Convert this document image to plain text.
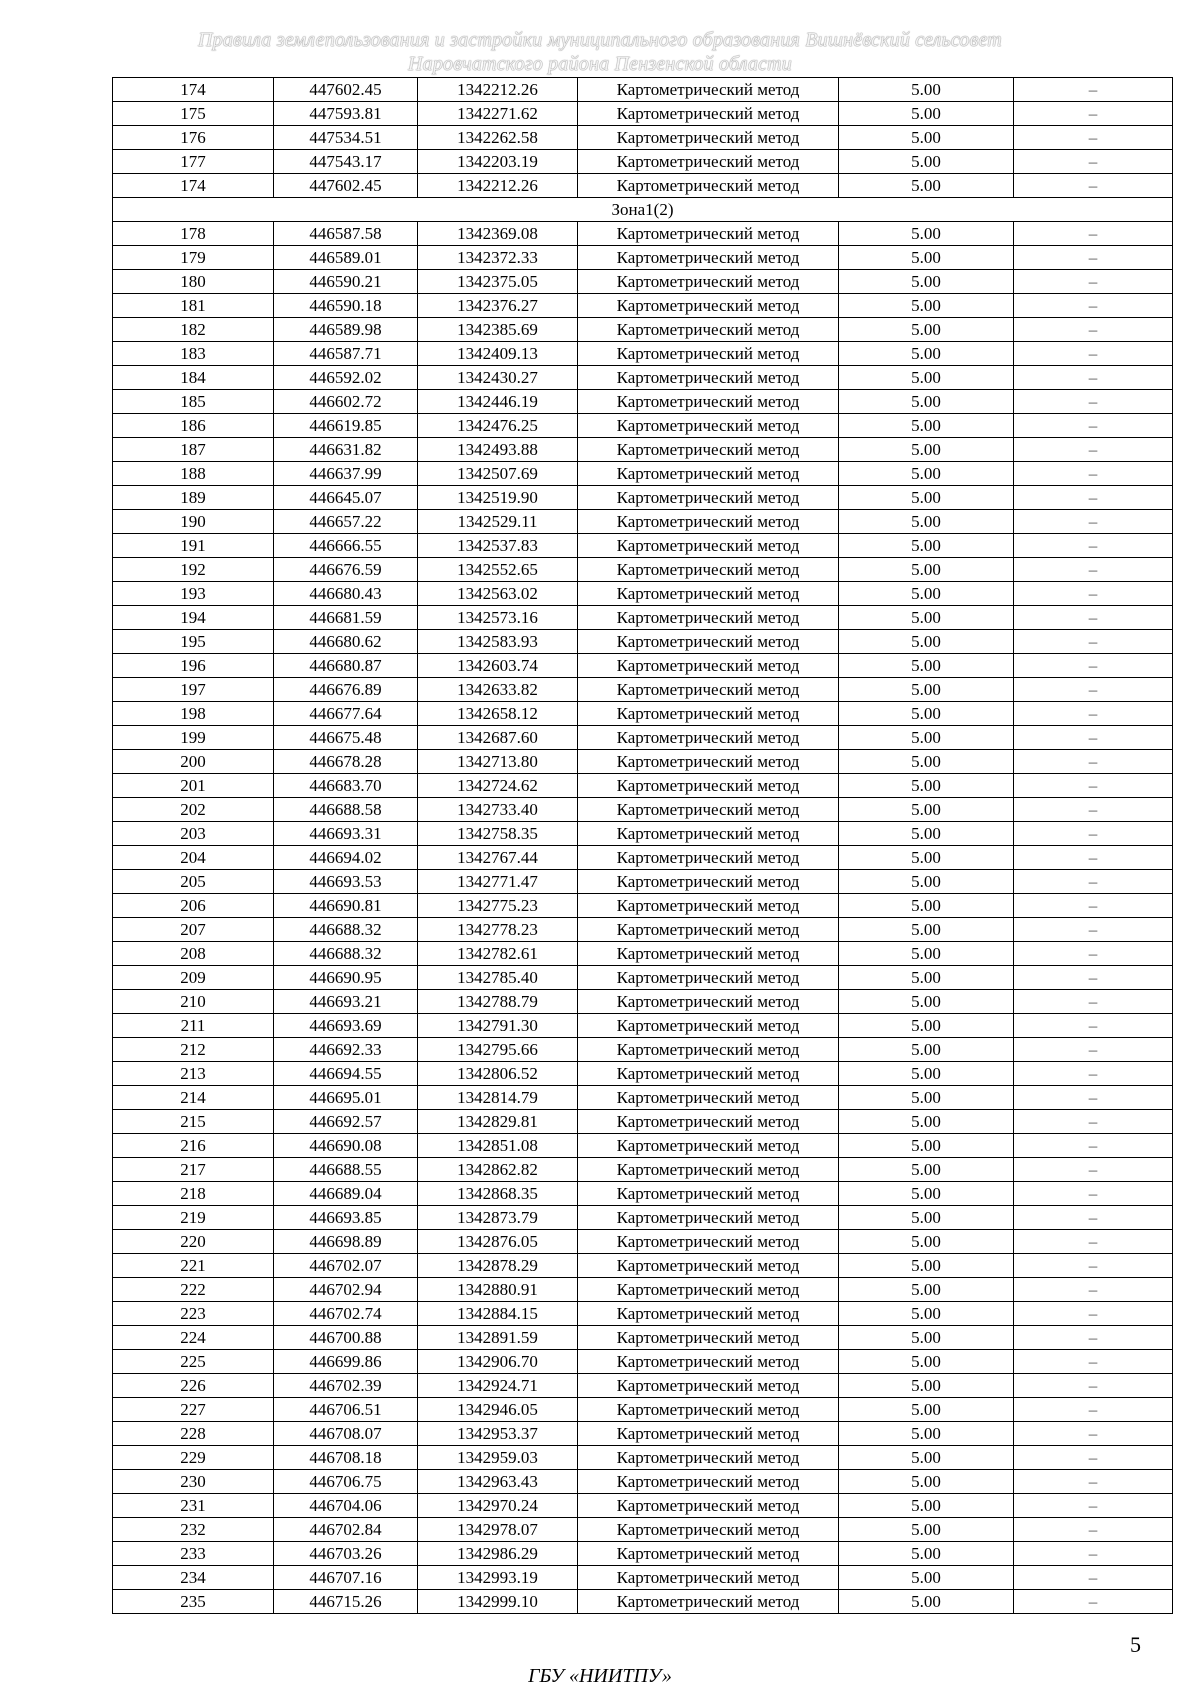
Правила землепользования и застройки муниципального образования Вишнёвский сельсовет
Наровчатского района Пензенской области
174	447602.45	1342212.26	Картометрический метод	5.00	–
175	447593.81	1342271.62	Картометрический метод	5.00	–
176	447534.51	1342262.58	Картометрический метод	5.00	–
177	447543.17	1342203.19	Картометрический метод	5.00	–
174	447602.45	1342212.26	Картометрический метод	5.00	–
Зона1(2)					
178	446587.58	1342369.08	Картометрический метод	5.00	–
179	446589.01	1342372.33	Картометрический метод	5.00	–
180	446590.21	1342375.05	Картометрический метод	5.00	–
181	446590.18	1342376.27	Картометрический метод	5.00	–
182	446589.98	1342385.69	Картометрический метод	5.00	–
183	446587.71	1342409.13	Картометрический метод	5.00	–
184	446592.02	1342430.27	Картометрический метод	5.00	–
185	446602.72	1342446.19	Картометрический метод	5.00	–
186	446619.85	1342476.25	Картометрический метод	5.00	–
187	446631.82	1342493.88	Картометрический метод	5.00	–
188	446637.99	1342507.69	Картометрический метод	5.00	–
189	446645.07	1342519.90	Картометрический метод	5.00	–
190	446657.22	1342529.11	Картометрический метод	5.00	–
191	446666.55	1342537.83	Картометрический метод	5.00	–
192	446676.59	1342552.65	Картометрический метод	5.00	–
193	446680.43	1342563.02	Картометрический метод	5.00	–
194	446681.59	1342573.16	Картометрический метод	5.00	–
195	446680.62	1342583.93	Картометрический метод	5.00	–
196	446680.87	1342603.74	Картометрический метод	5.00	–
197	446676.89	1342633.82	Картометрический метод	5.00	–
198	446677.64	1342658.12	Картометрический метод	5.00	–
199	446675.48	1342687.60	Картометрический метод	5.00	–
200	446678.28	1342713.80	Картометрический метод	5.00	–
201	446683.70	1342724.62	Картометрический метод	5.00	–
202	446688.58	1342733.40	Картометрический метод	5.00	–
203	446693.31	1342758.35	Картометрический метод	5.00	–
204	446694.02	1342767.44	Картометрический метод	5.00	–
205	446693.53	1342771.47	Картометрический метод	5.00	–
206	446690.81	1342775.23	Картометрический метод	5.00	–
207	446688.32	1342778.23	Картометрический метод	5.00	–
208	446688.32	1342782.61	Картометрический метод	5.00	–
209	446690.95	1342785.40	Картометрический метод	5.00	–
210	446693.21	1342788.79	Картометрический метод	5.00	–
211	446693.69	1342791.30	Картометрический метод	5.00	–
212	446692.33	1342795.66	Картометрический метод	5.00	–
213	446694.55	1342806.52	Картометрический метод	5.00	–
214	446695.01	1342814.79	Картометрический метод	5.00	–
215	446692.57	1342829.81	Картометрический метод	5.00	–
216	446690.08	1342851.08	Картометрический метод	5.00	–
217	446688.55	1342862.82	Картометрический метод	5.00	–
218	446689.04	1342868.35	Картометрический метод	5.00	–
219	446693.85	1342873.79	Картометрический метод	5.00	–
220	446698.89	1342876.05	Картометрический метод	5.00	–
221	446702.07	1342878.29	Картометрический метод	5.00	–
222	446702.94	1342880.91	Картометрический метод	5.00	–
223	446702.74	1342884.15	Картометрический метод	5.00	–
224	446700.88	1342891.59	Картометрический метод	5.00	–
225	446699.86	1342906.70	Картометрический метод	5.00	–
226	446702.39	1342924.71	Картометрический метод	5.00	–
227	446706.51	1342946.05	Картометрический метод	5.00	–
228	446708.07	1342953.37	Картометрический метод	5.00	–
229	446708.18	1342959.03	Картометрический метод	5.00	–
230	446706.75	1342963.43	Картометрический метод	5.00	–
231	446704.06	1342970.24	Картометрический метод	5.00	–
232	446702.84	1342978.07	Картометрический метод	5.00	–
233	446703.26	1342986.29	Картометрический метод	5.00	–
234	446707.16	1342993.19	Картометрический метод	5.00	–
235	446715.26	1342999.10	Картометрический метод	5.00	–
5
ГБУ «НИИТПУ»
